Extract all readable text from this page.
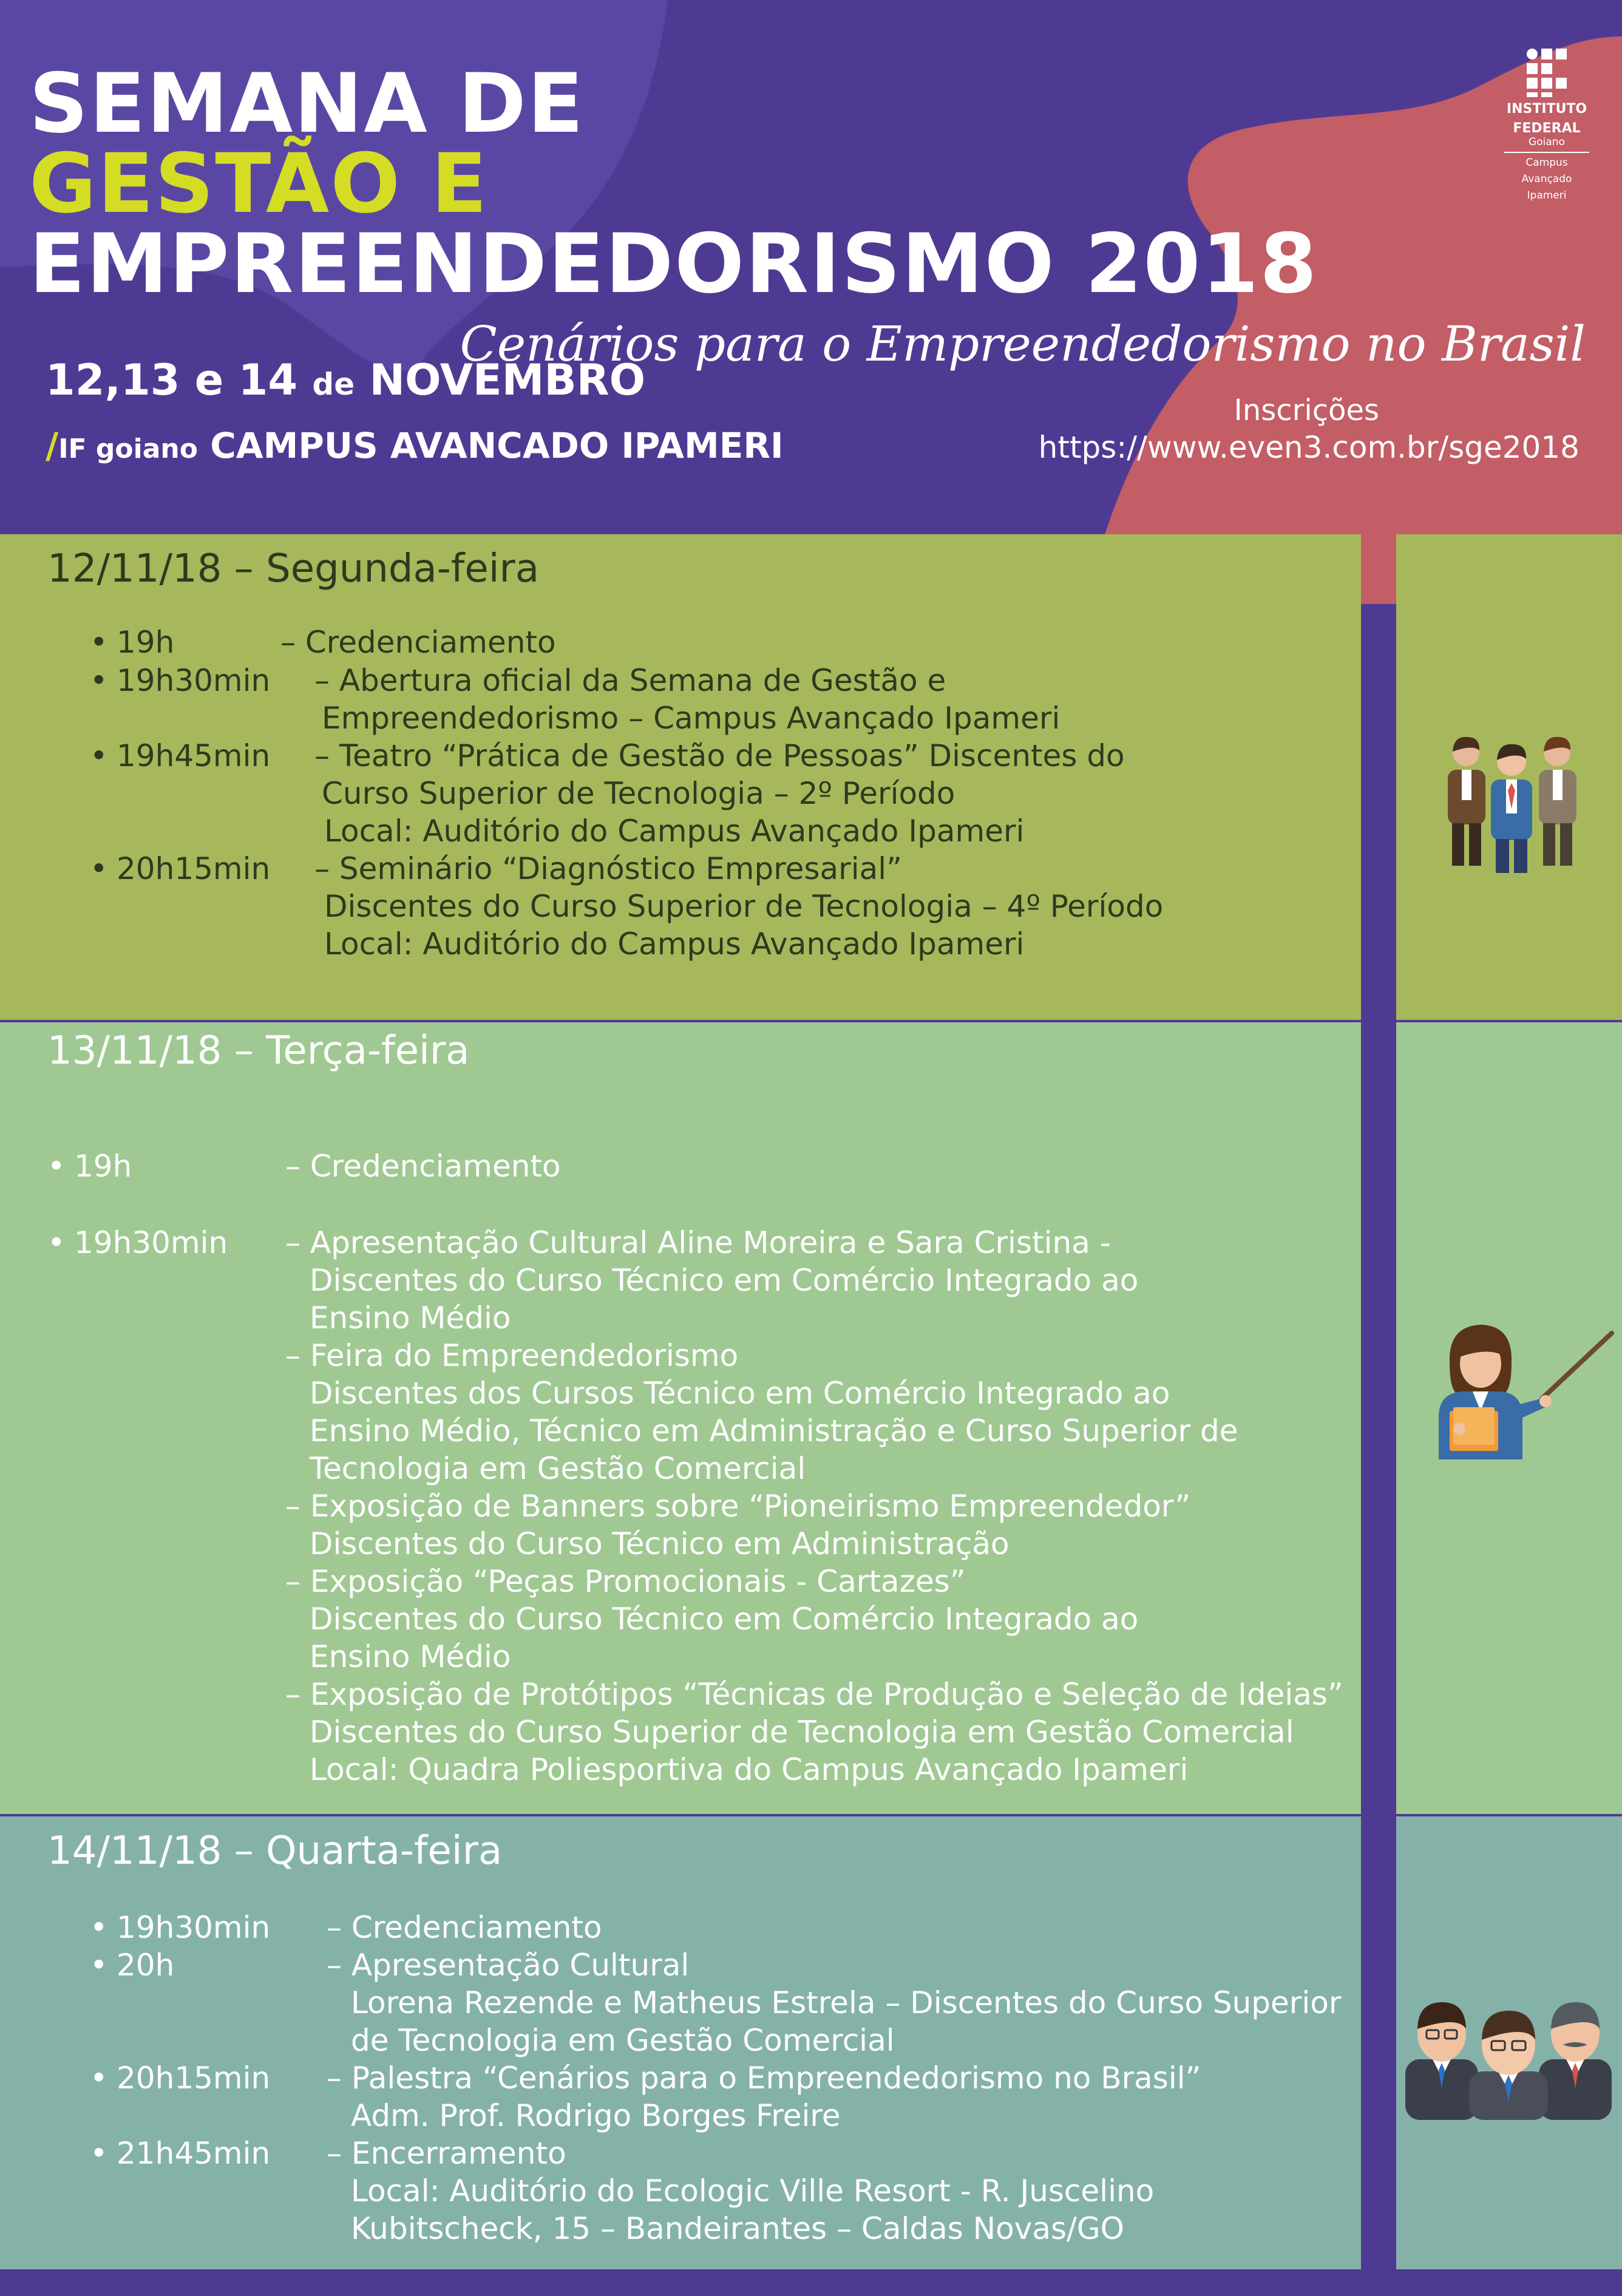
SEMANA DE
GESTÃO E
EMPREENDEDORISMO 2018
Cenários para o Empreendedorismo no Brasil
12,13 e 14 de NOVEMBRO
/IF goiano CAMPUS AVANCADO IPAMERI
Inscrições
https://www.even3.com.br/sge2018
INSTITUTO
FEDERAL
Goiano
Campus
Avançado
Ipameri
12/11/18 – Segunda-feira
• 19h	– Credenciamento
• 19h30min – Abertura oficial da Semana de Gestão e
Empreendedorismo – Campus Avançado Ipameri
• 19h45min – Teatro “Prática de Gestão de Pessoas” Discentes do
Curso Superior de Tecnologia – 2º Período
Local: Auditório do Campus Avançado Ipameri
• 20h15min – Seminário “Diagnóstico Empresarial”
Discentes do Curso Superior de Tecnologia – 4º Período
Local: Auditório do Campus Avançado Ipameri
13/11/18 – Terça-feira
• 19h	– Credenciamento
• 19h30min – Apresentação Cultural Aline Moreira e Sara Cristina -
Discentes do Curso Técnico em Comércio Integrado ao
Ensino Médio
– Feira do Empreendedorismo
Discentes dos Cursos Técnico em Comércio Integrado ao
Ensino Médio, Técnico em Administração e Curso Superior de
Tecnologia em Gestão Comercial
– Exposição de Banners sobre “Pioneirismo Empreendedor”
Discentes do Curso Técnico em Administração
– Exposição “Peças Promocionais - Cartazes”
Discentes do Curso Técnico em Comércio Integrado ao
Ensino Médio
– Exposição de Protótipos “Técnicas de Produção e Seleção de Ideias”
Discentes do Curso Superior de Tecnologia em Gestão Comercial
Local: Quadra Poliesportiva do Campus Avançado Ipameri
14/11/18 – Quarta-feira
• 19h30min – Credenciamento
• 20h	– Apresentação Cultural
Lorena Rezende e Matheus Estrela – Discentes do Curso Superior
de Tecnologia em Gestão Comercial
• 20h15min – Palestra “Cenários para o Empreendedorismo no Brasil”
Adm. Prof. Rodrigo Borges Freire
• 21h45min – Encerramento
Local: Auditório do Ecologic Ville Resort - R. Juscelino
Kubitscheck, 15 – Bandeirantes – Caldas Novas/GO
